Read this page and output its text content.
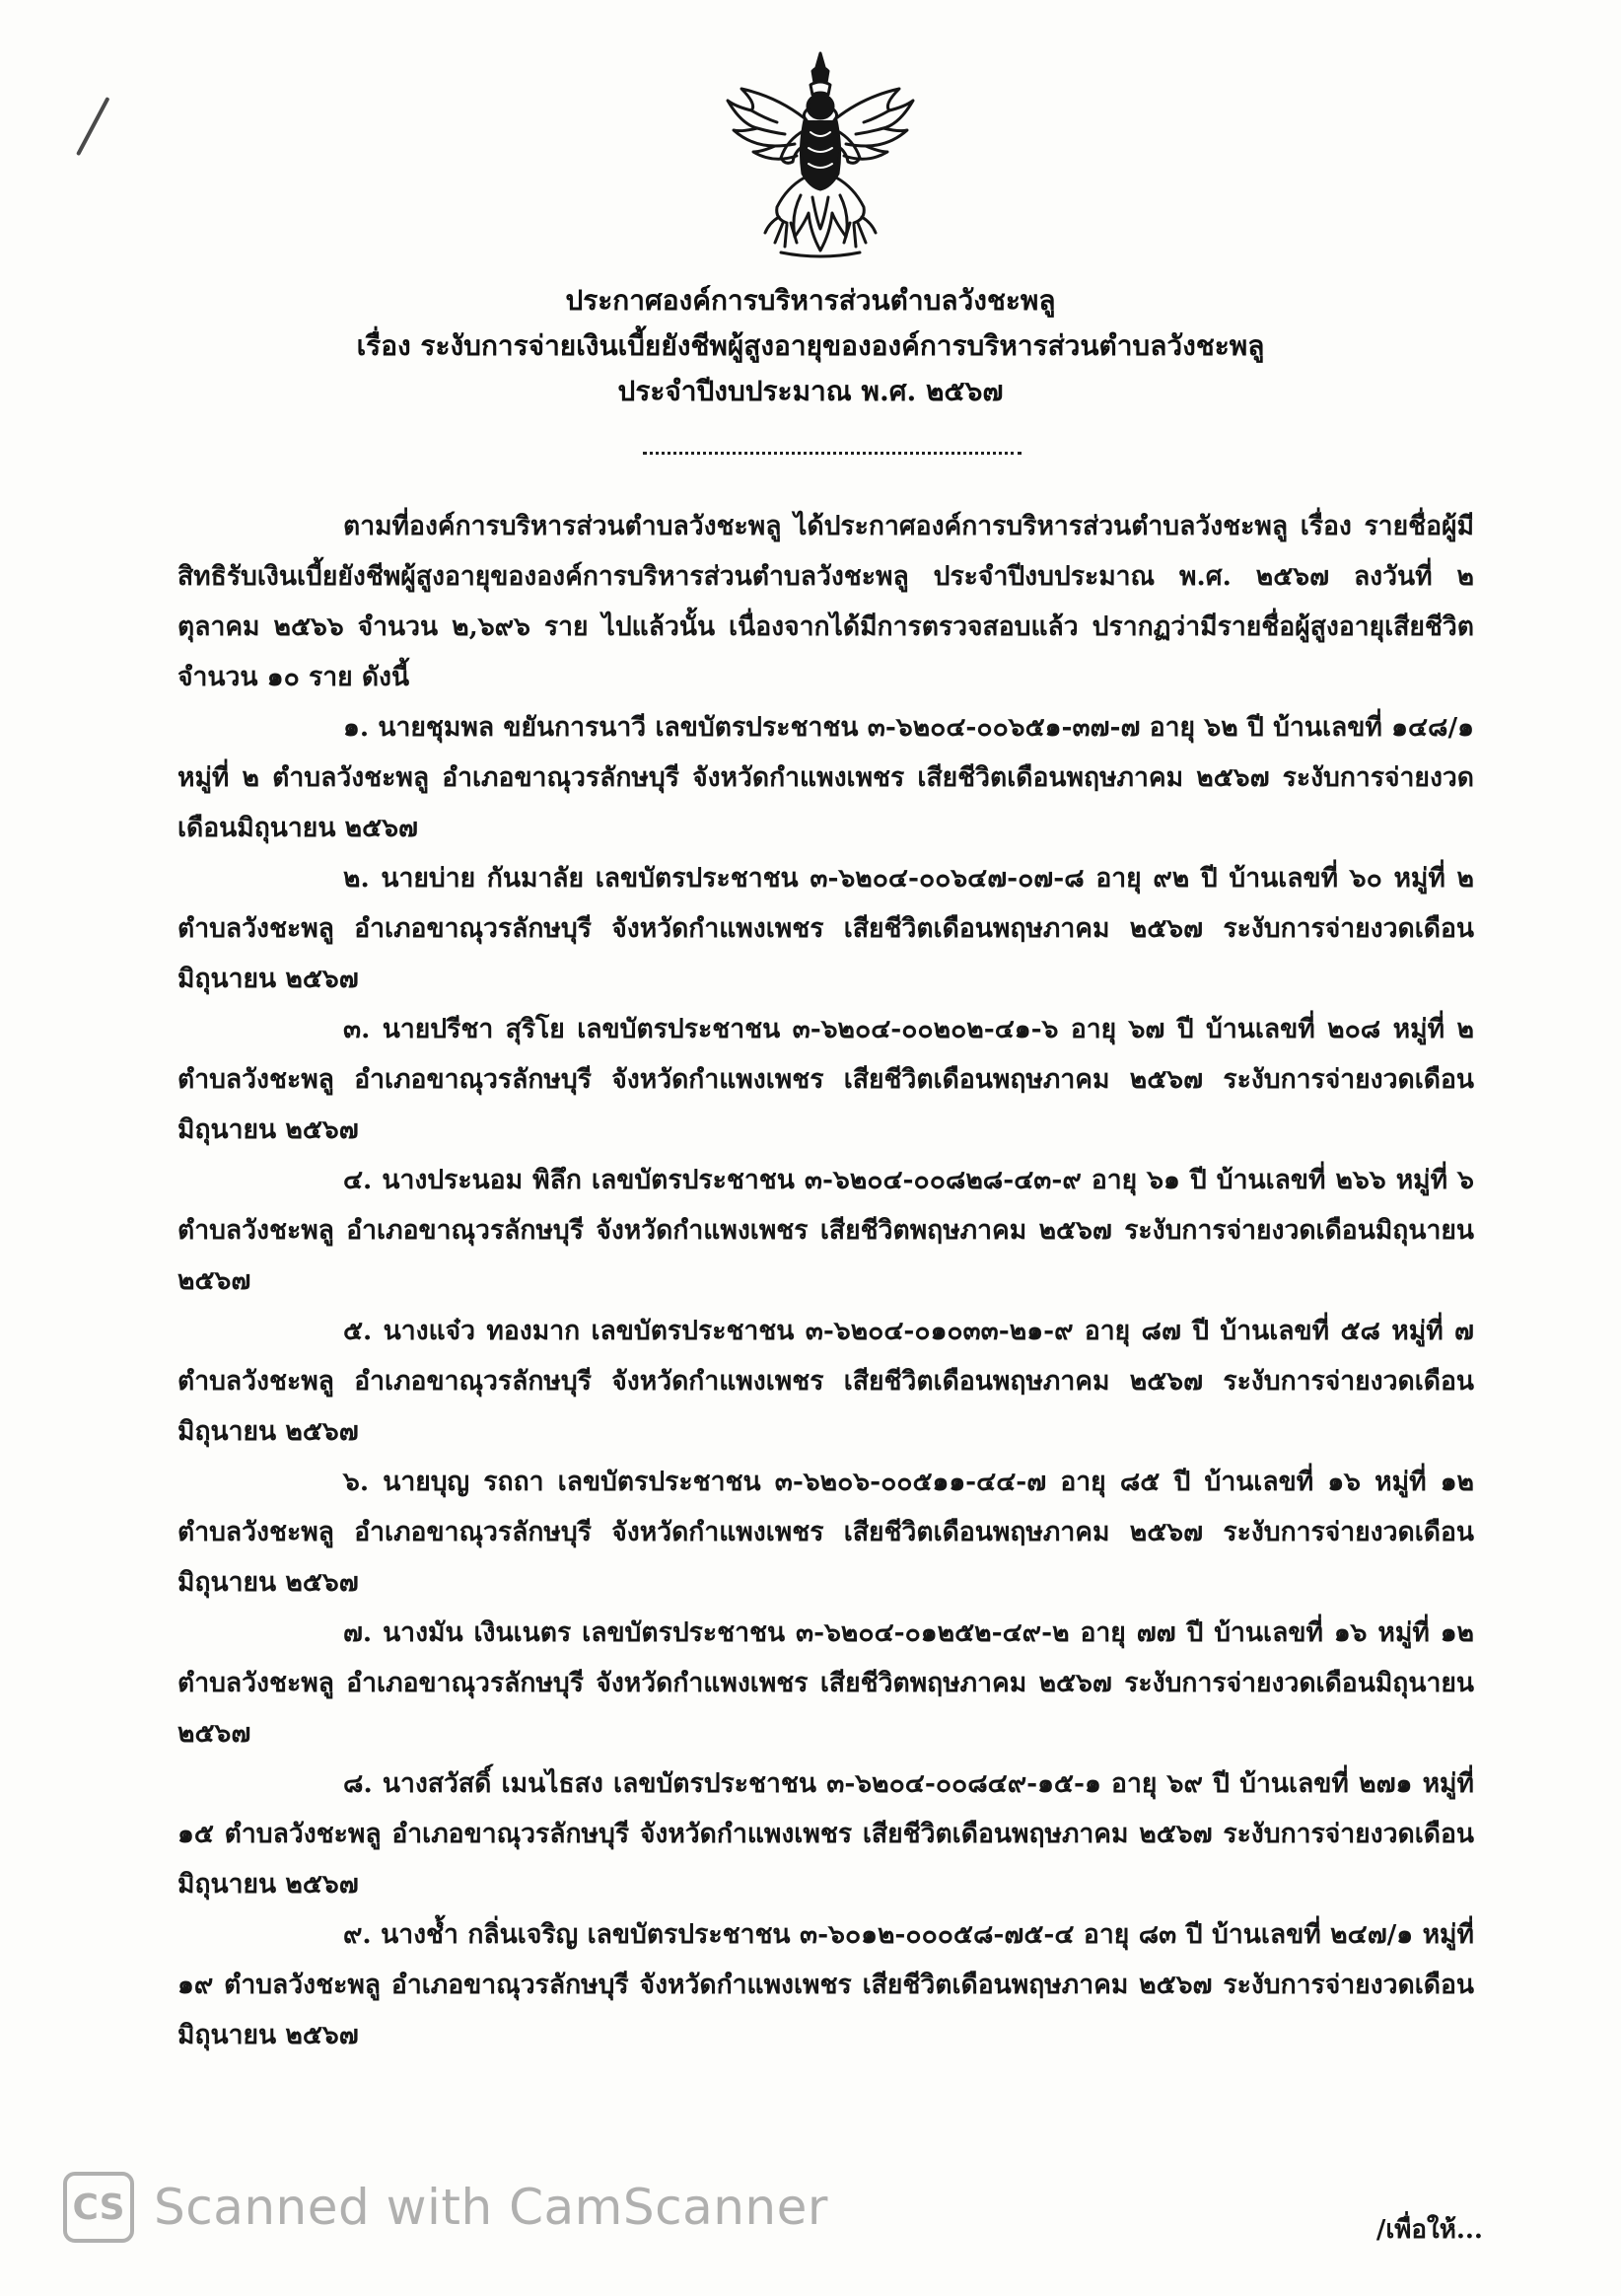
ประกาศองค์การบริหารส่วนตำบลวังชะพลู
เรื่อง ระงับการจ่ายเงินเบี้ยยังชีพผู้สูงอายุขององค์การบริหารส่วนตำบลวังชะพลู
ประจำปีงบประมาณ พ.ศ. ๒๕๖๗

ตามที่องค์การบริหารส่วนตำบลวังชะพลู ได้ประกาศองค์การบริหารส่วนตำบลวังชะพลู เรื่อง รายชื่อผู้มีสิทธิรับเงินเบี้ยยังชีพผู้สูงอายุขององค์การบริหารส่วนตำบลวังชะพลู ประจำปีงบประมาณ พ.ศ. ๒๕๖๗ ลงวันที่ ๒ ตุลาคม ๒๕๖๖ จำนวน ๒,๖๙๖ ราย ไปแล้วนั้น เนื่องจากได้มีการตรวจสอบแล้ว ปรากฏว่ามีรายชื่อผู้สูงอายุเสียชีวิต จำนวน ๑๐ ราย ดังนี้

๑. นายชุมพล ขยันการนาวี เลขบัตรประชาชน ๓-๖๒๐๔-๐๐๖๕๑-๓๗-๗ อายุ ๖๒ ปี บ้านเลขที่ ๑๔๘/๑ หมู่ที่ ๒ ตำบลวังชะพลู อำเภอขาณุวรลักษบุรี จังหวัดกำแพงเพชร เสียชีวิตเดือนพฤษภาคม ๒๕๖๗ ระงับการจ่ายงวดเดือนมิถุนายน ๒๕๖๗

๒. นายบ่าย กันมาลัย เลขบัตรประชาชน ๓-๖๒๐๔-๐๐๖๔๗-๐๗-๘ อายุ ๙๒ ปี บ้านเลขที่ ๖๐ หมู่ที่ ๒ ตำบลวังชะพลู อำเภอขาณุวรลักษบุรี จังหวัดกำแพงเพชร เสียชีวิตเดือนพฤษภาคม ๒๕๖๗ ระงับการจ่ายงวดเดือนมิถุนายน ๒๕๖๗

๓. นายปรีชา สุริโย เลขบัตรประชาชน ๓-๖๒๐๔-๐๐๒๐๒-๔๑-๖ อายุ ๖๗ ปี บ้านเลขที่ ๒๐๘ หมู่ที่ ๒ ตำบลวังชะพลู อำเภอขาณุวรลักษบุรี จังหวัดกำแพงเพชร เสียชีวิตเดือนพฤษภาคม ๒๕๖๗ ระงับการจ่ายงวดเดือนมิถุนายน ๒๕๖๗

๔. นางประนอม พิลึก เลขบัตรประชาชน ๓-๖๒๐๔-๐๐๘๒๘-๔๓-๙ อายุ ๖๑ ปี บ้านเลขที่ ๒๖๖ หมู่ที่ ๖ ตำบลวังชะพลู อำเภอขาณุวรลักษบุรี จังหวัดกำแพงเพชร เสียชีวิตพฤษภาคม ๒๕๖๗ ระงับการจ่ายงวดเดือนมิถุนายน ๒๕๖๗

๕. นางแจ๋ว ทองมาก เลขบัตรประชาชน ๓-๖๒๐๔-๐๑๐๓๓-๒๑-๙ อายุ ๘๗ ปี บ้านเลขที่ ๕๘ หมู่ที่ ๗ ตำบลวังชะพลู อำเภอขาณุวรลักษบุรี จังหวัดกำแพงเพชร เสียชีวิตเดือนพฤษภาคม ๒๕๖๗ ระงับการจ่ายงวดเดือนมิถุนายน ๒๕๖๗

๖. นายบุญ รถถา เลขบัตรประชาชน ๓-๖๒๐๖-๐๐๕๑๑-๔๔-๗ อายุ ๘๕ ปี บ้านเลขที่ ๑๖ หมู่ที่ ๑๒ ตำบลวังชะพลู อำเภอขาณุวรลักษบุรี จังหวัดกำแพงเพชร เสียชีวิตเดือนพฤษภาคม ๒๕๖๗ ระงับการจ่ายงวดเดือนมิถุนายน ๒๕๖๗

๗. นางมัน เงินเนตร เลขบัตรประชาชน ๓-๖๒๐๔-๐๑๒๕๒-๔๙-๒ อายุ ๗๗ ปี บ้านเลขที่ ๑๖ หมู่ที่ ๑๒ ตำบลวังชะพลู อำเภอขาณุวรลักษบุรี จังหวัดกำแพงเพชร เสียชีวิตพฤษภาคม ๒๕๖๗ ระงับการจ่ายงวดเดือนมิถุนายน ๒๕๖๗

๘. นางสวัสดิ์ เมนไธสง เลขบัตรประชาชน ๓-๖๒๐๔-๐๐๘๔๙-๑๕-๑ อายุ ๖๙ ปี บ้านเลขที่ ๒๗๑ หมู่ที่ ๑๕ ตำบลวังชะพลู อำเภอขาณุวรลักษบุรี จังหวัดกำแพงเพชร เสียชีวิตเดือนพฤษภาคม ๒๕๖๗ ระงับการจ่ายงวดเดือนมิถุนายน ๒๕๖๗

๙. นางช้ำ กลิ่นเจริญ เลขบัตรประชาชน ๓-๖๐๑๒-๐๐๐๕๘-๗๕-๔ อายุ ๘๓ ปี บ้านเลขที่ ๒๔๗/๑ หมู่ที่ ๑๙ ตำบลวังชะพลู อำเภอขาณุวรลักษบุรี จังหวัดกำแพงเพชร เสียชีวิตเดือนพฤษภาคม ๒๕๖๗ ระงับการจ่ายงวดเดือนมิถุนายน ๒๕๖๗

CS Scanned with CamScanner	/เพื่อให้...
